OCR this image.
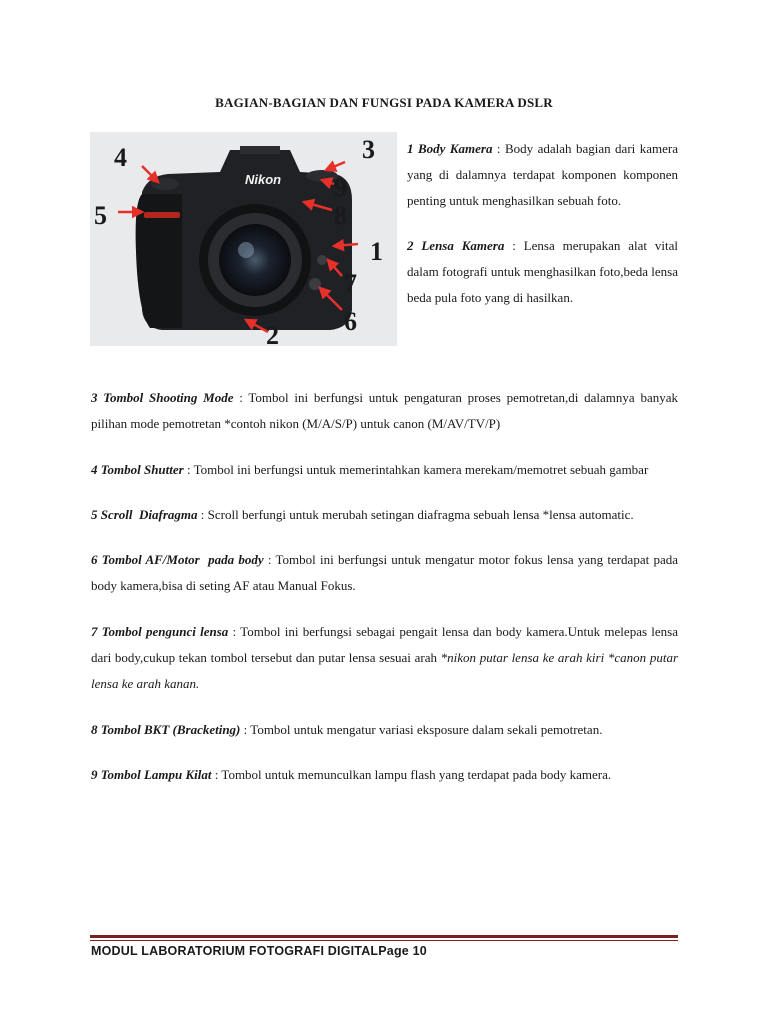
BAGIAN-BAGIAN DAN FUNGSI PADA KAMERA DSLR
Nikon
4
5
3
9
8
1
7
6
2

1 Body Kamera : Body adalah bagian dari kamera yang di dalamnya terdapat komponen komponen penting untuk menghasilkan sebuah foto.

2 Lensa Kamera : Lensa merupakan alat vital dalam fotografi untuk menghasilkan foto,beda lensa beda pula foto yang di hasilkan.

3 Tombol Shooting Mode : Tombol ini berfungsi untuk pengaturan proses pemotretan,di dalamnya banyak pilihan mode pemotretan *contoh nikon (M/A/S/P) untuk canon (M/AV/TV/P)

4 Tombol Shutter : Tombol ini berfungsi untuk memerintahkan kamera merekam/memotret sebuah gambar

5 Scroll  Diafragma : Scroll berfungi untuk merubah setingan diafragma sebuah lensa *lensa automatic.

6 Tombol AF/Motor  pada body : Tombol ini berfungsi untuk mengatur motor fokus lensa yang terdapat pada body kamera,bisa di seting AF atau Manual Fokus.

7 Tombol pengunci lensa : Tombol ini berfungsi sebagai pengait lensa dan body kamera.Untuk melepas lensa dari body,cukup tekan tombol tersebut dan putar lensa sesuai arah *nikon putar lensa ke arah kiri *canon putar lensa ke arah kanan.

8 Tombol BKT (Bracketing) : Tombol untuk mengatur variasi eksposure dalam sekali pemotretan.

9 Tombol Lampu Kilat : Tombol untuk memunculkan lampu flash yang terdapat pada body kamera.

MODUL LABORATORIUM FOTOGRAFI DIGITALPage 10
